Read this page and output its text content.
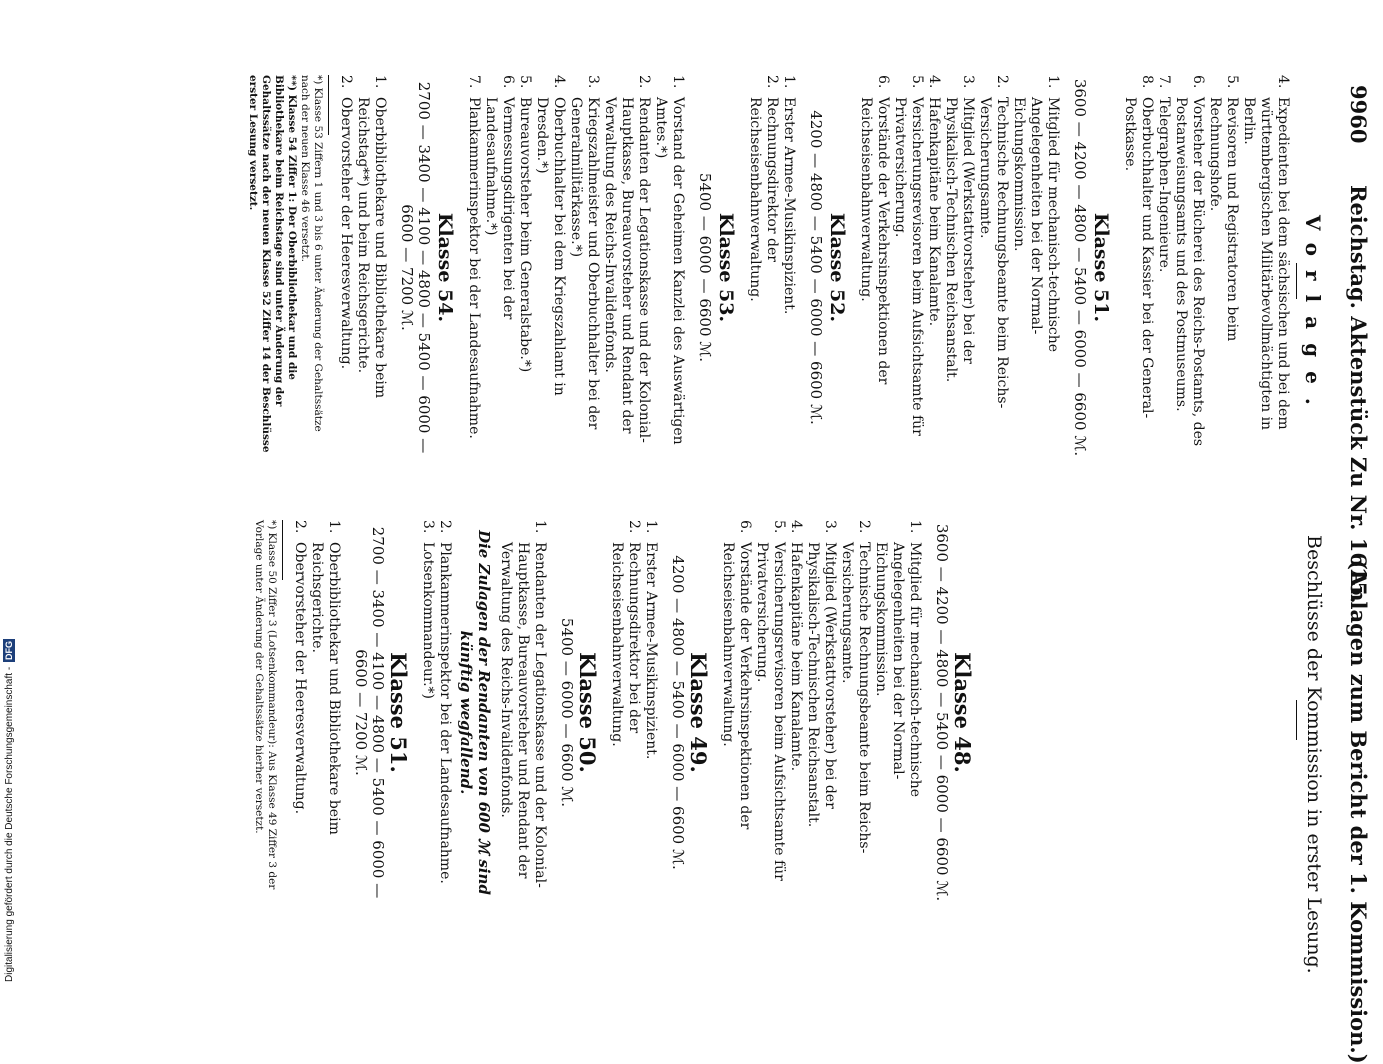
9960
Reichstag. Aktenstück Zu Nr. 1615.
(Anlagen zum Bericht der 1. Kommission.)
Vorlage.
Beschlüsse der Kommission in erster Lesung.
4.
Expedienten bei dem sächsischen und bei dem württembergischen Militärbevollmächtigten in Berlin.
5.
Revisoren und Registratoren beim Rechnungshofe.
6.
Vorsteher der Bücherei des Reichs-Postamts, des Postanweisungsamts und des Postmuseums.
7.
Telegraphen-Ingenieure.
8.
Oberbuchhalter und Kassier bei der General-Postkasse.
Klasse 51.
3600 — 4200 — 4800 — 5400 — 6000 — 6600 ℳ.
1.
Mitglied für mechanisch-technische Angelegenheiten bei der Normal-Eichungskommission.
2.
Technische Rechnungsbeamte beim Reichs-Versicherungsamte.
3.
Mitglied (Werkstattvorsteher) bei der Physikalisch-Technischen Reichsanstalt.
4.
Hafenkapitäne beim Kanalamte.
5.
Versicherungsrevisoren beim Aufsichtsamte für Privatversicherung.
6.
Vorstände der Verkehrsinspektionen der Reichseisenbahnverwaltung.
Klasse 52.
4200 — 4800 — 5400 — 6000 — 6600 ℳ.
1.
Erster Armee-Musikinspizient.
2.
Rechnungsdirektor der Reichseisenbahnverwaltung.
Klasse 53.
5400 — 6000 — 6600 ℳ.
1.
Vorstand der Geheimen Kanzlei des Auswärtigen Amtes.*)
2.
Rendanten der Legationskasse und der Kolonial-Hauptkasse, Bureauvorsteher und Rendant der Verwaltung des Reichs-Invalidenfonds.
3.
Kriegszahlmeister und Oberbuchhalter bei der Generalmilitärkasse.*)
4.
Oberbuchhalter bei dem Kriegszahlamt in Dresden.*)
5.
Bureauvorsteher beim Generalstabe.*)
6.
Vermessungsdirigenten bei der Landesaufnahme.*)
7.
Plankammerinspektor bei der Landesaufnahme.
Klasse 54.
2700 — 3400 — 4100 — 4800 — 5400 — 6000 — 6600 — 7200 ℳ.
1.
Oberbibliothekare und Bibliothekare beim Reichstag**) und beim Reichsgerichte.
2.
Obervorsteher der Heeresverwaltung.
*) Klasse 53 Ziffern 1 und 3 bis 6 unter Änderung der Gehaltssätze nach der neuen Klasse 46 versetzt.
**) Klasse 54 Ziffer 1: Der Oberbibliothekar und die Bibliothekare beim Reichstage sind unter Änderung der Gehaltssätze nach der neuen Klasse 52 Ziffer 14 der Beschlüsse erster Lesung versetzt.
Klasse 48.
3600 — 4200 — 4800 — 5400 — 6000 — 6600 ℳ.
1.
Mitglied für mechanisch-technische Angelegenheiten bei der Normal-Eichungskommission.
2.
Technische Rechnungsbeamte beim Reichs-Versicherungsamte.
3.
Mitglied (Werkstattvorsteher) bei der Physikalisch-Technischen Reichsanstalt.
4.
Hafenkapitäne beim Kanalamte.
5.
Versicherungsrevisoren beim Aufsichtsamte für Privatversicherung.
6.
Vorstände der Verkehrsinspektionen der Reichseisenbahnverwaltung.
Klasse 49.
4200 — 4800 — 5400 — 6000 — 6600 ℳ.
1.
Erster Armee-Musikinspizient.
2.
Rechnungsdirektor bei der Reichseisenbahnverwaltung.
Klasse 50.
5400 — 6000 — 6600 ℳ.
1.
Rendanten der Legationskasse und der Kolonial-Hauptkasse, Bureauvorsteher und Rendant der Verwaltung des Reichs-Invalidenfonds.
Die Zulagen der Rendanten von 600 ℳ sind künftig wegfallend.
2.
Plankammerinspektor bei der Landesaufnahme.
3.
Lotsenkommandeur.*)
Klasse 51.
2700 — 3400 — 4100 — 4800 — 5400 — 6000 — 6600 — 7200 ℳ.
1.
Oberbibliothekar und Bibliothekare beim Reichsgerichte.
2.
Obervorsteher der Heeresverwaltung.
*) Klasse 50 Ziffer 3 (Lotsenkommandeur): Aus Klasse 49 Ziffer 3 der Vorlage unter Änderung der Gehaltssätze hierher versetzt.
Digitalisierung gefördert durch die Deutsche Forschungsgemeinschaft - DFG
